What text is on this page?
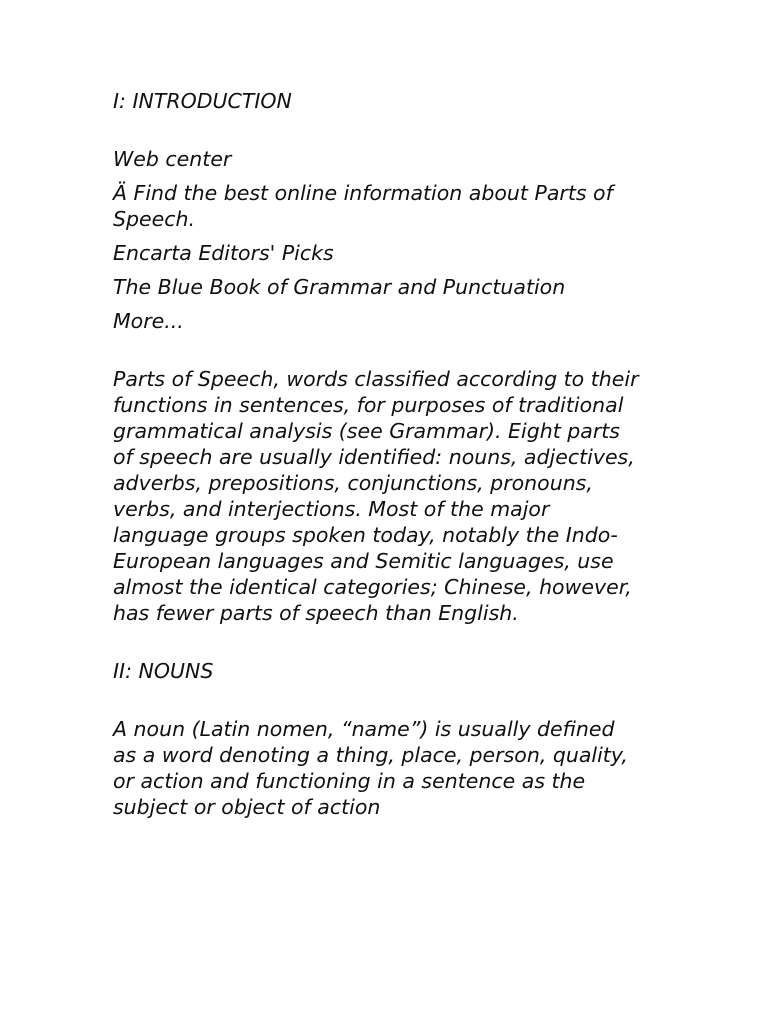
I: INTRODUCTION

Web center

Ä Find the best online information about Parts of Speech.

Encarta Editors' Picks

The Blue Book of Grammar and Punctuation

More...

Parts of Speech, words classified according to their functions in sentences, for purposes of traditional grammatical analysis (see Grammar). Eight parts of speech are usually identified: nouns, adjectives, adverbs, prepositions, conjunctions, pronouns, verbs, and interjections. Most of the major language groups spoken today, notably the Indo-European languages and Semitic languages, use almost the identical categories; Chinese, however, has fewer parts of speech than English.

II: NOUNS

A noun (Latin nomen, “name”) is usually defined as a word denoting a thing, place, person, quality, or action and functioning in a sentence as the subject or object of action
